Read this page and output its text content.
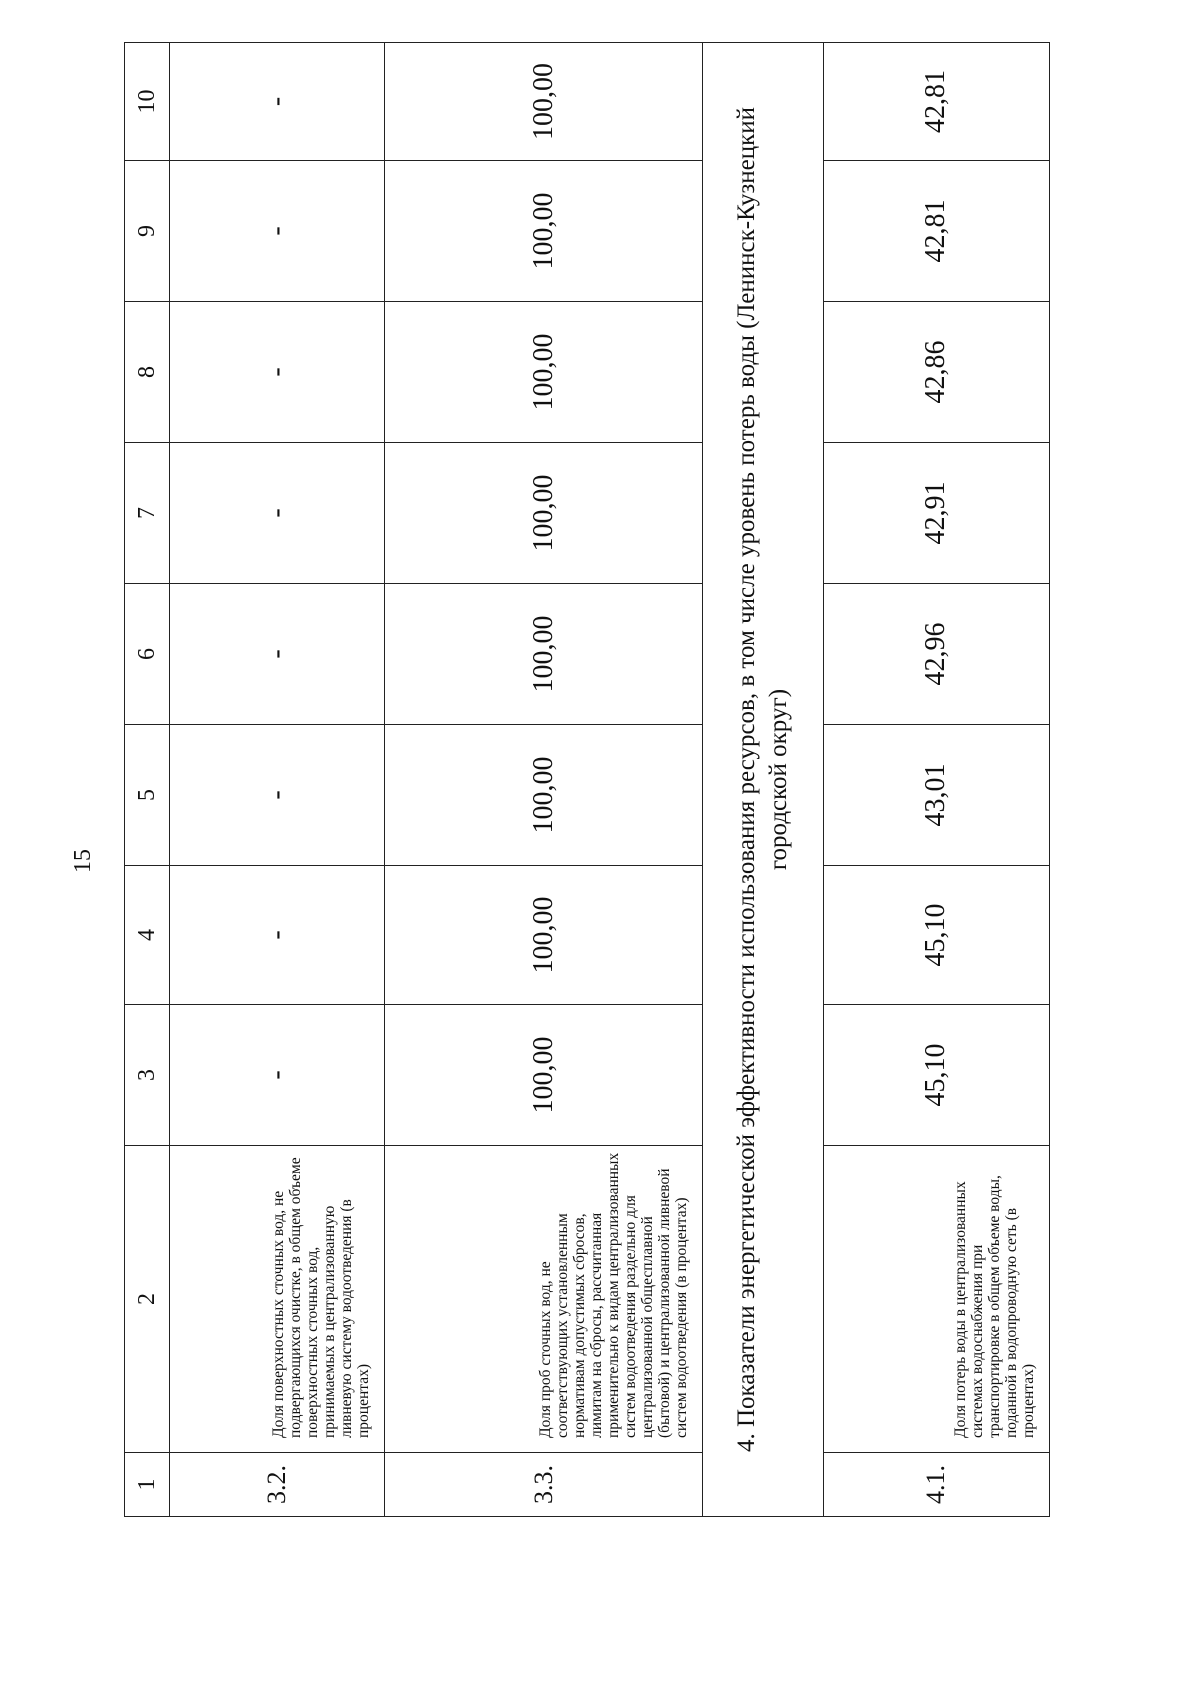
15
1	2	3	4	5	6	7	8	9	10
3.2.	Доля поверхностных сточных вод, не подвергающихся очистке, в общем объеме поверхностных сточных вод, принимаемых в централизованную ливневую систему водоотведения (в процентах)	-	-	-	-	-	-	-	-
3.3.	Доля проб сточных вод, не соответствующих установленным нормативам допустимых сбросов, лимитам на сбросы, рассчитанная применительно к видам централизованных систем водоотведения раздельно для централизованной общесплавной (бытовой) и централизованной ливневой систем водоотведения (в процентах)	100,00	100,00	100,00	100,00	100,00	100,00	100,00	100,00
4. Показатели энергетической эффективности использования ресурсов, в том числе уровень потерь воды (Ленинск-Кузнецкий городской округ)									
4.1.	Доля потерь воды в централизованных системах водоснабжения при транспортировке в общем объеме воды, поданной в водопроводную сеть (в процентах)	45,10	45,10	43,01	42,96	42,91	42,86	42,81	42,81
